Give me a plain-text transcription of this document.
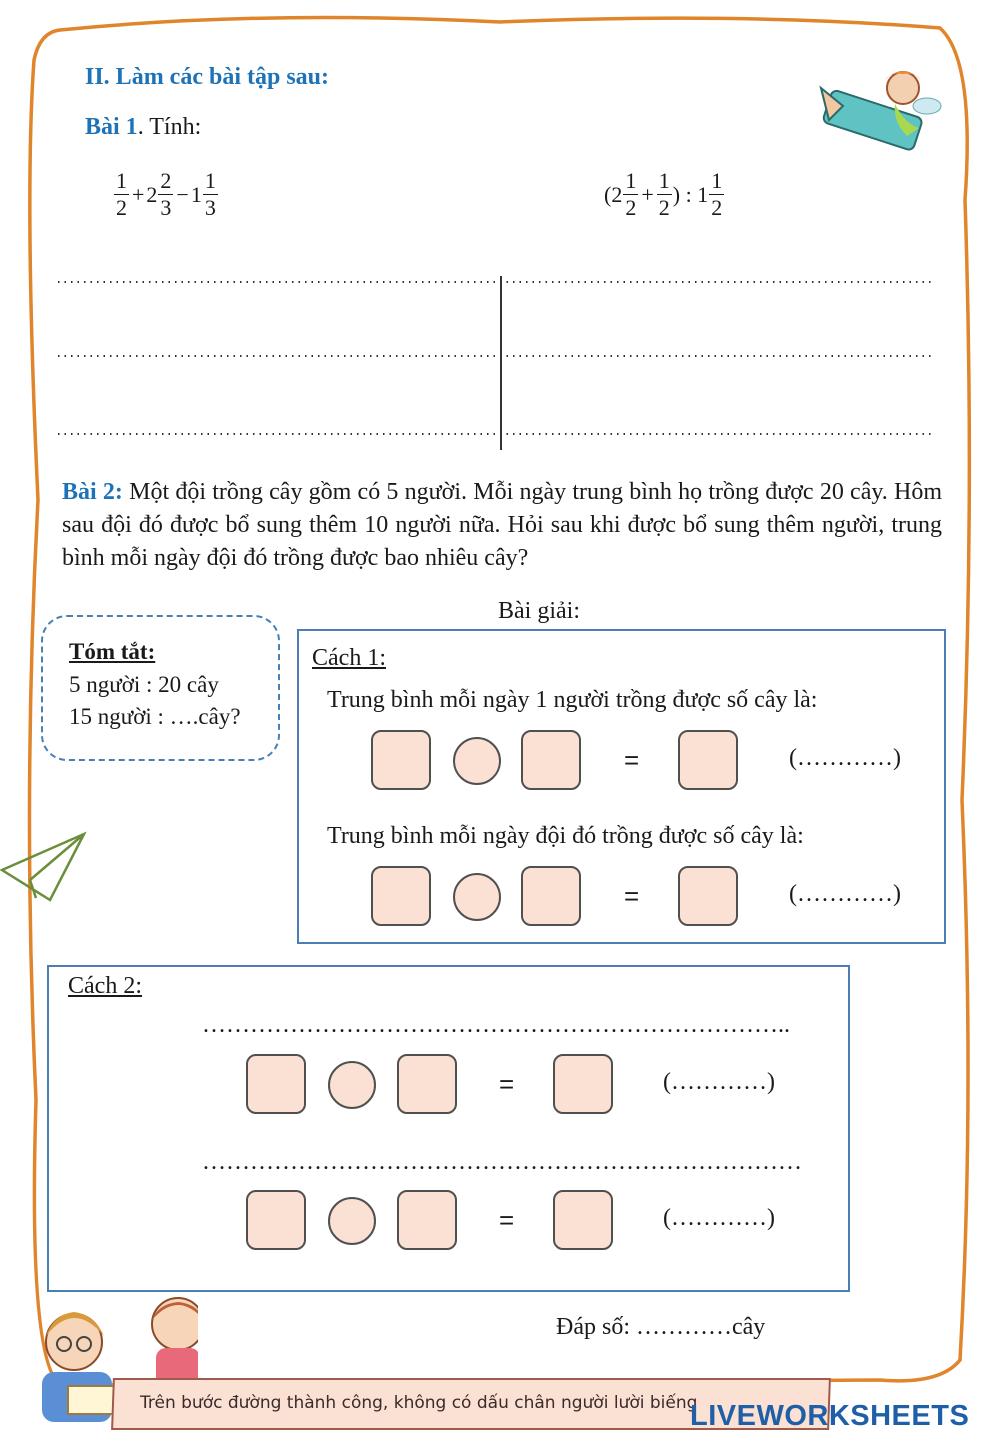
II. Làm các bài tập sau:
Bài 1. Tính:
$\frac{1}{2} + 2 \frac{2}{3} - 1 \frac{1}{3}$	($2 \frac{1}{2} + \frac{1}{2}$ ) : $1 \frac{1}{2}$
Bài 2: Một đội trồng cây gồm có 5 người. Mỗi ngày trung bình họ trồng được 20 cây. Hôm sau đội đó được bổ sung thêm 10 người nữa. Hỏi sau khi được bổ sung thêm người, trung bình mỗi ngày đội đó trồng được bao nhiêu cây?
Bài giải:
Tóm tắt:
5 người : 20 cây
15 người : ….cây?
Cách 1:
Trung bình mỗi ngày 1 người trồng được số cây là:
=	(…………)
Trung bình mỗi ngày đội đó trồng được số cây là:
=	(…………)
Cách 2:
………………………………………………………………..
=	(…………)
…………………………………………………………………
=	(…………)
Đáp số: …………cây
Trên bước đường thành công, không có dấu chân người lười biếng
LIVEWORKSHEETS
